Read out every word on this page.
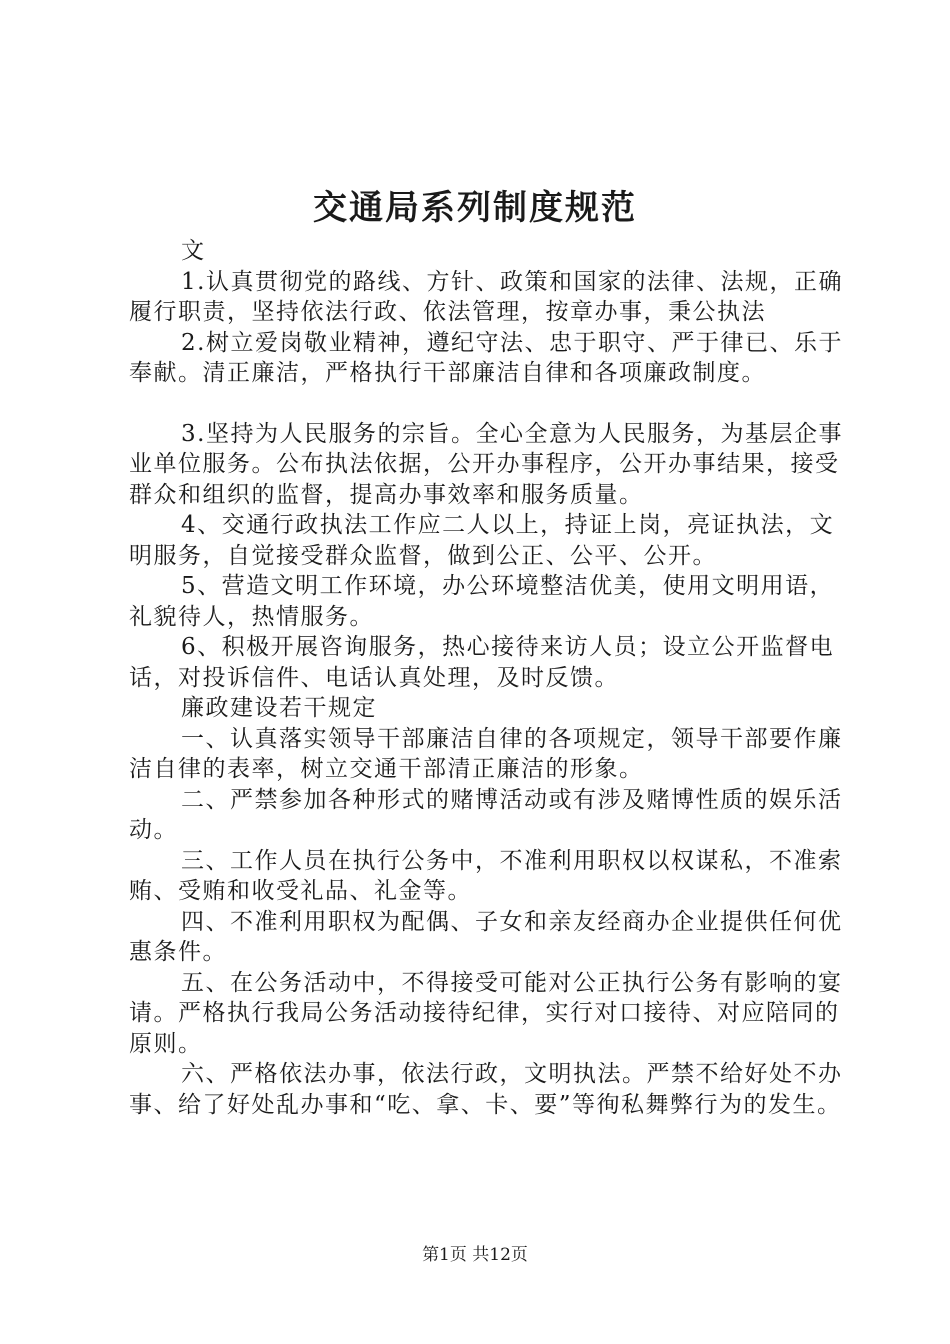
交通局系列制度规范

文

1.认真贯彻党的路线、方针、政策和国家的法律、法规，正确履行职责，坚持依法行政、依法管理，按章办事，秉公执法

2.树立爱岗敬业精神，遵纪守法、忠于职守、严于律已、乐于奉献。清正廉洁，严格执行干部廉洁自律和各项廉政制度。

3.坚持为人民服务的宗旨。全心全意为人民服务，为基层企事业单位服务。公布执法依据，公开办事程序，公开办事结果，接受群众和组织的监督，提高办事效率和服务质量。

4、交通行政执法工作应二人以上，持证上岗，亮证执法，文明服务，自觉接受群众监督，做到公正、公平、公开。

5、营造文明工作环境，办公环境整洁优美，使用文明用语，礼貌待人，热情服务。

6、积极开展咨询服务，热心接待来访人员；设立公开监督电话，对投诉信件、电话认真处理，及时反馈。

廉政建设若干规定

一、认真落实领导干部廉洁自律的各项规定，领导干部要作廉洁自律的表率，树立交通干部清正廉洁的形象。

二、严禁参加各种形式的赌博活动或有涉及赌博性质的娱乐活动。

三、工作人员在执行公务中，不准利用职权以权谋私，不准索贿、受贿和收受礼品、礼金等。

四、不准利用职权为配偶、子女和亲友经商办企业提供任何优惠条件。

五、在公务活动中，不得接受可能对公正执行公务有影响的宴请。严格执行我局公务活动接待纪律，实行对口接待、对应陪同的原则。

六、严格依法办事，依法行政，文明执法。严禁不给好处不办事、给了好处乱办事和“吃、拿、卡、要”等徇私舞弊行为的发生。

第1页 共12页
